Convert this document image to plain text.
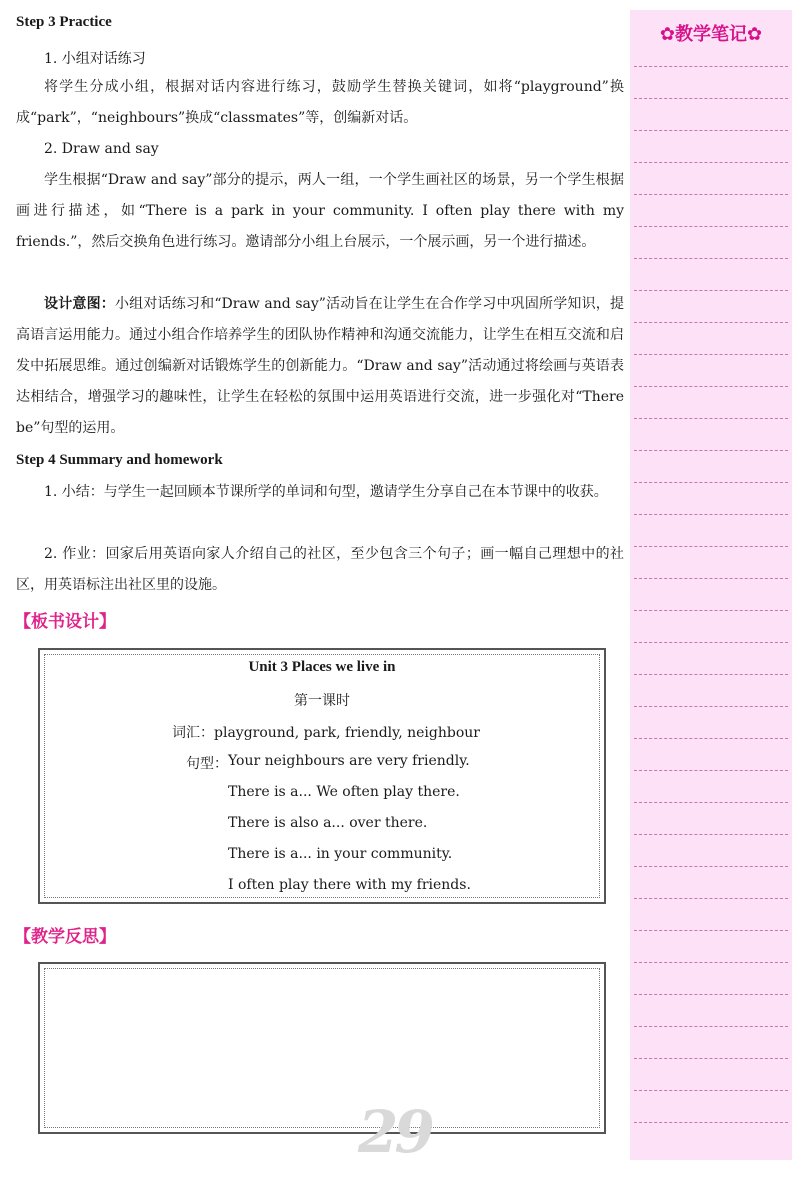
Step 3 Practice
1. 小组对话练习
将学生分成小组，根据对话内容进行练习，鼓励学生替换关键词，如将“playground”换成“park”，“neighbours”换成“classmates”等，创编新对话。
2. Draw and say
学生根据“Draw and say”部分的提示，两人一组，一个学生画社区的场景，另一个学生根据画进行描述，如“There is a park in your community. I often play there with my friends.”，然后交换角色进行练习。邀请部分小组上台展示，一个展示画，另一个进行描述。
设计意图：小组对话练习和“Draw and say”活动旨在让学生在合作学习中巩固所学知识，提高语言运用能力。通过小组合作培养学生的团队协作精神和沟通交流能力，让学生在相互交流和启发中拓展思维。通过创编新对话锻炼学生的创新能力。“Draw and say”活动通过将绘画与英语表达相结合，增强学习的趣味性，让学生在轻松的氛围中运用英语进行交流，进一步强化对“There be”句型的运用。
Step 4 Summary and homework
1. 小结：与学生一起回顾本节课所学的单词和句型，邀请学生分享自己在本节课中的收获。
2. 作业：回家后用英语向家人介绍自己的社区，至少包含三个句子；画一幅自己理想中的社区，用英语标注出社区里的设施。
【板书设计】
Unit 3 Places we live in
第一课时
词汇：playground, park, friendly, neighbour
句型： Your neighbours are very friendly.
There is a... We often play there.
There is also a... over there.
There is a... in your community.
I often play there with my friends.
【教学反思】
✿教学笔记✿
29
